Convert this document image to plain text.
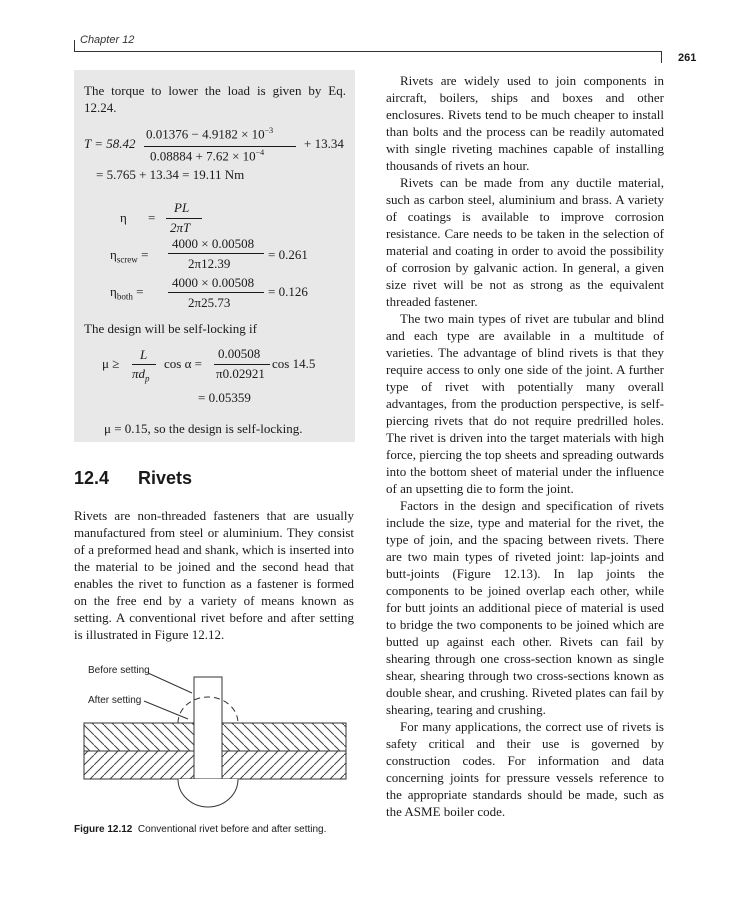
Chapter 12
261
The torque to lower the load is given by Eq. 12.24.
T = 58.42
$0.01376 - 4.9182 \times 10^{-3}$
$0.08884 + 7.62 \times 10^{-4}$
+ 13.34
= 5.765 + 13.34 = 19.11 Nm
η =
PL
2πT
$\eta_{screw}$ =
4000 × 0.00508
2π12.39
= 0.261
$\eta_{both}$ =
4000 × 0.00508
2π25.73
= 0.126
The design will be self-locking if
μ ≥
L
$\pi d_p$
cos α =
0.00508
π0.02921
cos 14.5
= 0.05359
μ = 0.15, so the design is self-locking.
12.4 Rivets

Rivets are non-threaded fasteners that are usually manufactured from steel or aluminium. They consist of a preformed head and shank, which is inserted into the material to be joined and the second head that enables the rivet to function as a fastener is formed on the free end by a variety of means known as setting. A conventional rivet before and after setting is illustrated in Figure 12.12.

Before setting
After setting
Figure 12.12 Conventional rivet before and after setting.

Rivets are widely used to join components in aircraft, boilers, ships and boxes and other enclosures. Rivets tend to be much cheaper to install than bolts and the process can be readily automated with single riveting machines capable of installing thousands of rivets an hour.

Rivets can be made from any ductile material, such as carbon steel, aluminium and brass. A variety of coatings is available to improve corrosion resistance. Care needs to be taken in the selection of material and coating in order to avoid the possibility of corrosion by galvanic action. In general, a given size rivet will be not as strong as the equivalent threaded fastener.

The two main types of rivet are tubular and blind and each type are available in a multitude of varieties. The advantage of blind rivets is that they require access to only one side of the joint. A further type of rivet with potentially many overall advantages, from the production perspective, is self-piercing rivets that do not require predrilled holes. The rivet is driven into the target materials with high force, piercing the top sheets and spreading outwards into the bottom sheet of material under the influence of an upsetting die to form the joint.

Factors in the design and specification of rivets include the size, type and material for the rivet, the type of join, and the spacing between rivets. There are two main types of riveted joint: lap-joints and butt-joints (Figure 12.13). In lap joints the components to be joined overlap each other, while for butt joints an additional piece of material is used to bridge the two components to be joined which are butted up against each other. Rivets can fail by shearing through one cross-section known as single shear, shearing through two cross-sections known as double shear, and crushing. Riveted plates can fail by shearing, tearing and crushing.

For many applications, the correct use of rivets is safety critical and their use is governed by construction codes. For information and data concerning joints for pressure vessels reference to the appropriate standards should be made, such as the ASME boiler code.
